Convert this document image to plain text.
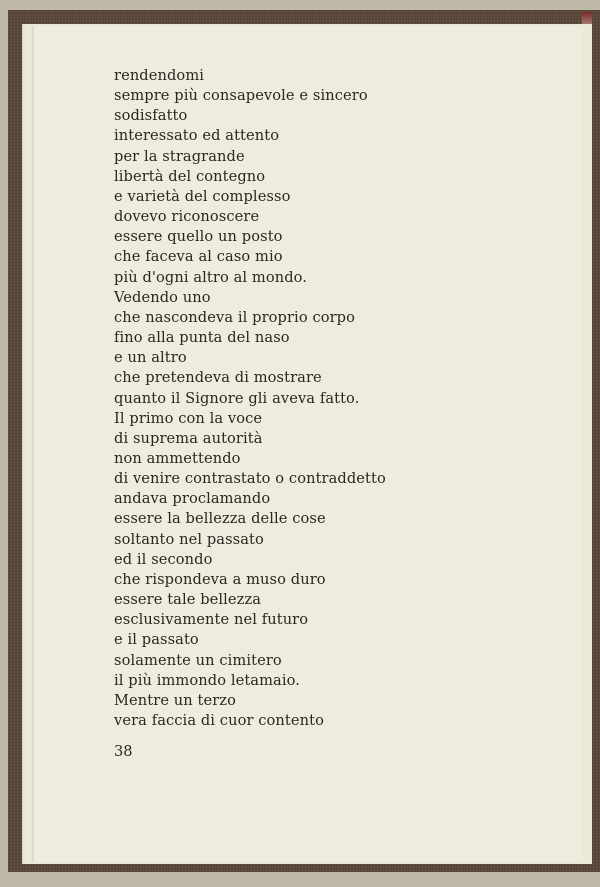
rendendomi
sempre più consapevole e sincero
sodisfatto
interessato ed attento
per la stragrande
libertà del contegno
e varietà del complesso
dovevo riconoscere
essere quello un posto
che faceva al caso mio
più d'ogni altro al mondo.
Vedendo uno
che nascondeva il proprio corpo
fino alla punta del naso
e un altro
che pretendeva di mostrare
quanto il Signore gli aveva fatto.
Il primo con la voce
di suprema autorità
non ammettendo
di venire contrastato o contraddetto
andava proclamando
essere la bellezza delle cose
soltanto nel passato
ed il secondo
che rispondeva a muso duro
essere tale bellezza
esclusivamente nel futuro
e il passato
solamente un cimitero
il più immondo letamaio.
Mentre un terzo
vera faccia di cuor contento
38
